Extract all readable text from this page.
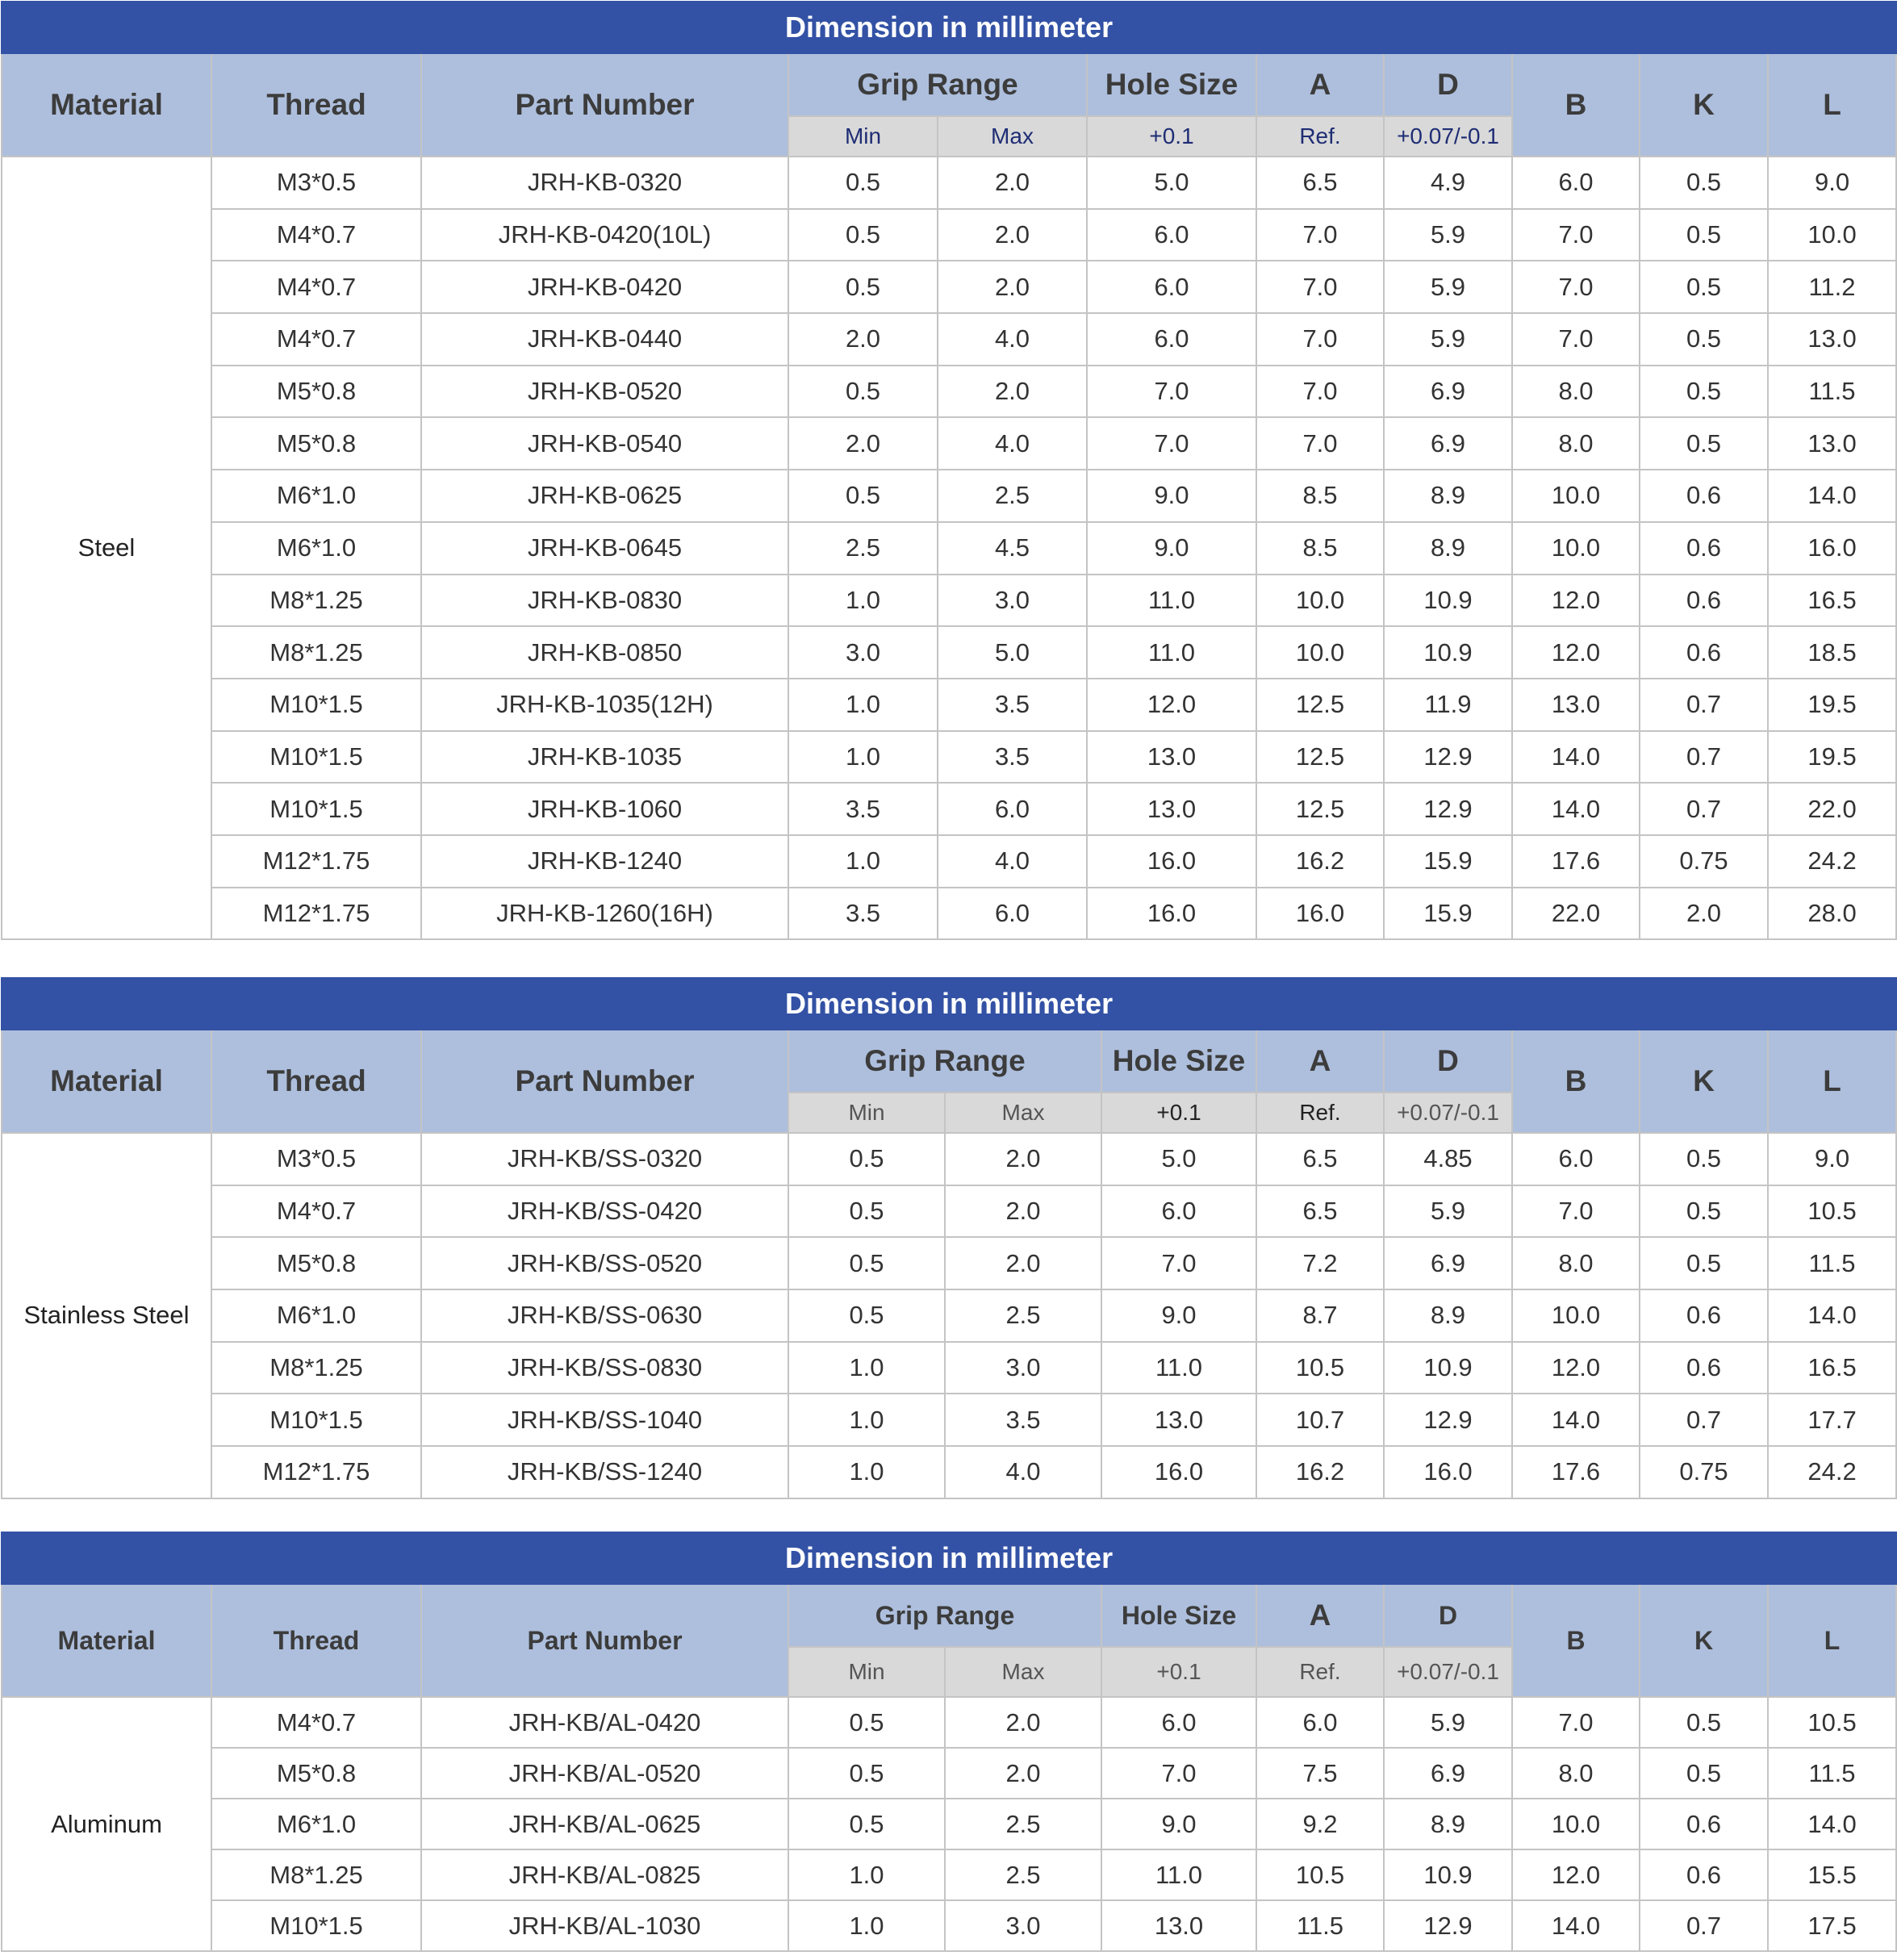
Dimension in millimeter										
Material	Thread	Part Number	Grip Range		Hole Size	A	D	B	K	L
			Min	Max	+0.1	Ref.	+0.07/-0.1			
Steel	M3*0.5	JRH-KB-0320	0.5	2.0	5.0	6.5	4.9	6.0	0.5	9.0
	M4*0.7	JRH-KB-0420(10L)	0.5	2.0	6.0	7.0	5.9	7.0	0.5	10.0
	M4*0.7	JRH-KB-0420	0.5	2.0	6.0	7.0	5.9	7.0	0.5	11.2
	M4*0.7	JRH-KB-0440	2.0	4.0	6.0	7.0	5.9	7.0	0.5	13.0
	M5*0.8	JRH-KB-0520	0.5	2.0	7.0	7.0	6.9	8.0	0.5	11.5
	M5*0.8	JRH-KB-0540	2.0	4.0	7.0	7.0	6.9	8.0	0.5	13.0
	M6*1.0	JRH-KB-0625	0.5	2.5	9.0	8.5	8.9	10.0	0.6	14.0
	M6*1.0	JRH-KB-0645	2.5	4.5	9.0	8.5	8.9	10.0	0.6	16.0
	M8*1.25	JRH-KB-0830	1.0	3.0	11.0	10.0	10.9	12.0	0.6	16.5
	M8*1.25	JRH-KB-0850	3.0	5.0	11.0	10.0	10.9	12.0	0.6	18.5
	M10*1.5	JRH-KB-1035(12H)	1.0	3.5	12.0	12.5	11.9	13.0	0.7	19.5
	M10*1.5	JRH-KB-1035	1.0	3.5	13.0	12.5	12.9	14.0	0.7	19.5
	M10*1.5	JRH-KB-1060	3.5	6.0	13.0	12.5	12.9	14.0	0.7	22.0
	M12*1.75	JRH-KB-1240	1.0	4.0	16.0	16.2	15.9	17.6	0.75	24.2
	M12*1.75	JRH-KB-1260(16H)	3.5	6.0	16.0	16.0	15.9	22.0	2.0	28.0
Dimension in millimeter										
Material	Thread	Part Number	Grip Range		Hole Size	A	D	B	K	L
			Min	Max	+0.1	Ref.	+0.07/-0.1			
Stainless Steel	M3*0.5	JRH-KB/SS-0320	0.5	2.0	5.0	6.5	4.85	6.0	0.5	9.0
	M4*0.7	JRH-KB/SS-0420	0.5	2.0	6.0	6.5	5.9	7.0	0.5	10.5
	M5*0.8	JRH-KB/SS-0520	0.5	2.0	7.0	7.2	6.9	8.0	0.5	11.5
	M6*1.0	JRH-KB/SS-0630	0.5	2.5	9.0	8.7	8.9	10.0	0.6	14.0
	M8*1.25	JRH-KB/SS-0830	1.0	3.0	11.0	10.5	10.9	12.0	0.6	16.5
	M10*1.5	JRH-KB/SS-1040	1.0	3.5	13.0	10.7	12.9	14.0	0.7	17.7
	M12*1.75	JRH-KB/SS-1240	1.0	4.0	16.0	16.2	16.0	17.6	0.75	24.2
Dimension in millimeter										
Material	Thread	Part Number	Grip Range		Hole Size	A	D	B	K	L
			Min	Max	+0.1	Ref.	+0.07/-0.1			
Aluminum	M4*0.7	JRH-KB/AL-0420	0.5	2.0	6.0	6.0	5.9	7.0	0.5	10.5
	M5*0.8	JRH-KB/AL-0520	0.5	2.0	7.0	7.5	6.9	8.0	0.5	11.5
	M6*1.0	JRH-KB/AL-0625	0.5	2.5	9.0	9.2	8.9	10.0	0.6	14.0
	M8*1.25	JRH-KB/AL-0825	1.0	2.5	11.0	10.5	10.9	12.0	0.6	15.5
	M10*1.5	JRH-KB/AL-1030	1.0	3.0	13.0	11.5	12.9	14.0	0.7	17.5
